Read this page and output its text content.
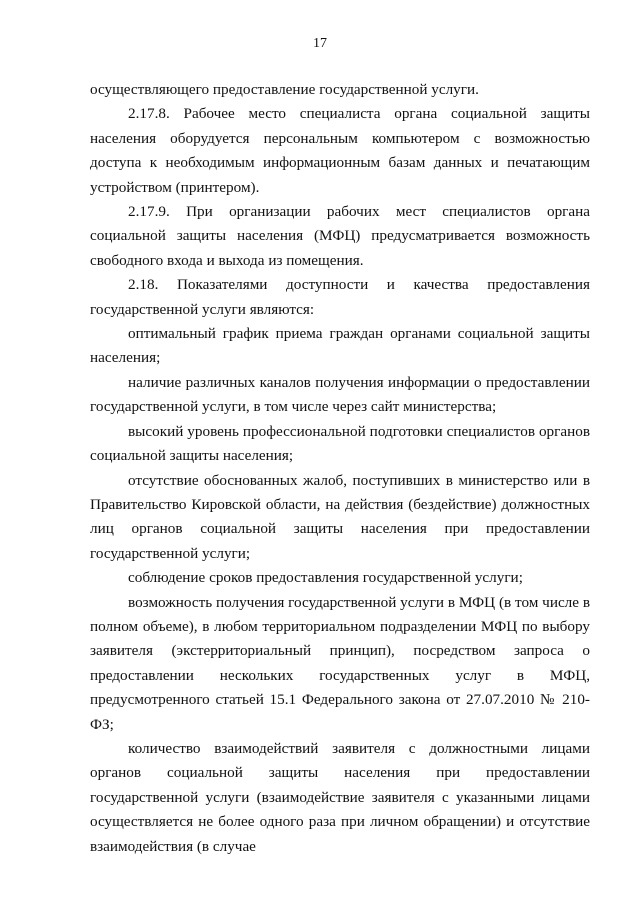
17

осуществляющего предоставление государственной услуги.

2.17.8. Рабочее место специалиста органа социальной защиты населения оборудуется персональным компьютером с возможностью доступа к необходимым информационным базам данных и печатающим устройством (принтером).

2.17.9. При организации рабочих мест специалистов органа социальной защиты населения (МФЦ) предусматривается возможность свободного входа и выхода из помещения.

2.18. Показателями доступности и качества предоставления государственной услуги являются:

оптимальный график приема граждан органами социальной защиты населения;

наличие различных каналов получения информации о предоставлении государственной услуги, в том числе через сайт министерства;

высокий уровень профессиональной подготовки специалистов органов социальной защиты населения;

отсутствие обоснованных жалоб, поступивших в министерство или в Правительство Кировской области, на действия (бездействие) должностных лиц органов социальной защиты населения при предоставлении государственной услуги;

соблюдение сроков предоставления государственной услуги;

возможность получения государственной услуги в МФЦ (в том числе в полном объеме), в любом территориальном подразделении МФЦ по выбору заявителя (экстерриториальный принцип), посредством запроса о предоставлении нескольких государственных услуг в МФЦ, предусмотренного статьей 15.1 Федерального закона от 27.07.2010 № 210-ФЗ;

количество взаимодействий заявителя с должностными лицами органов социальной защиты населения при предоставлении государственной услуги (взаимодействие заявителя с указанными лицами осуществляется не более одного раза при личном обращении) и отсутствие взаимодействия (в случае
